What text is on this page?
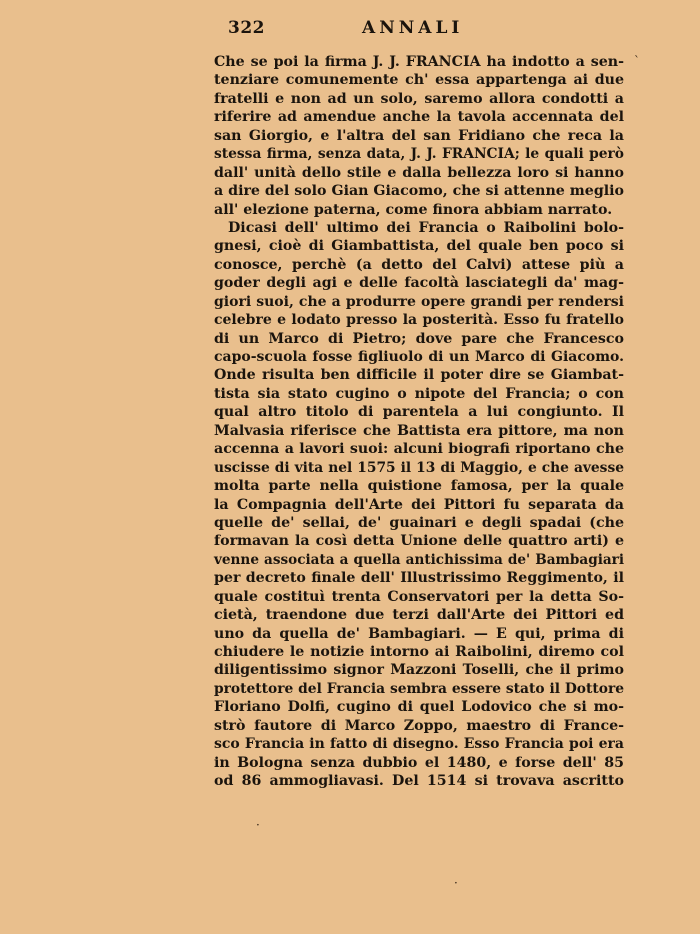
322	ANNALI
Che se poi la firma J. J. FRANCIA ha indotto a sen-
tenziare comunemente ch' essa appartenga ai due
fratelli e non ad un solo, saremo allora condotti a
riferire ad amendue anche la tavola accennata del
san Giorgio, e l'altra del san Fridiano che reca la
stessa firma, senza data, J. J. FRANCIA; le quali però
dall' unità dello stile e dalla bellezza loro si hanno
a dire del solo Gian Giacomo, che si attenne meglio
all' elezione paterna, come finora abbiam narrato.
Dicasi dell' ultimo dei Francia o Raibolini bolo-
gnesi, cioè di Giambattista, del quale ben poco si
conosce, perchè (a detto del Calvi) attese più a
goder degli agi e delle facoltà lasciategli da' mag-
giori suoi, che a produrre opere grandi per rendersi
celebre e lodato presso la posterità. Esso fu fratello
di un Marco di Pietro; dove pare che Francesco
capo-scuola fosse figliuolo di un Marco di Giacomo.
Onde risulta ben difficile il poter dire se Giambat-
tista sia stato cugino o nipote del Francia; o con
qual altro titolo di parentela a lui congiunto. Il
Malvasia riferisce che Battista era pittore, ma non
accenna a lavori suoi: alcuni biografi riportano che
uscisse di vita nel 1575 il 13 di Maggio, e che avesse
molta parte nella quistione famosa, per la quale
la Compagnia dell'Arte dei Pittori fu separata da
quelle de' sellai, de' guainari e degli spadai (che
formavan la così detta Unione delle quattro arti) e
venne associata a quella antichissima de' Bambagiari
per decreto finale dell' Illustrissimo Reggimento, il
quale costituì trenta Conservatori per la detta So-
cietà, traendone due terzi dall'Arte dei Pittori ed
uno da quella de' Bambagiari. — E qui, prima di
chiudere le notizie intorno ai Raibolini, diremo col
diligentissimo signor Mazzoni Toselli, che il primo
protettore del Francia sembra essere stato il Dottore
Floriano Dolfi, cugino di quel Lodovico che si mo-
strò fautore di Marco Zoppo, maestro di France-
sco Francia in fatto di disegno. Esso Francia poi era
in Bologna senza dubbio el 1480, e forse dell' 85
od 86 ammogliavasi. Del 1514 si trovava ascritto
`
·
·
